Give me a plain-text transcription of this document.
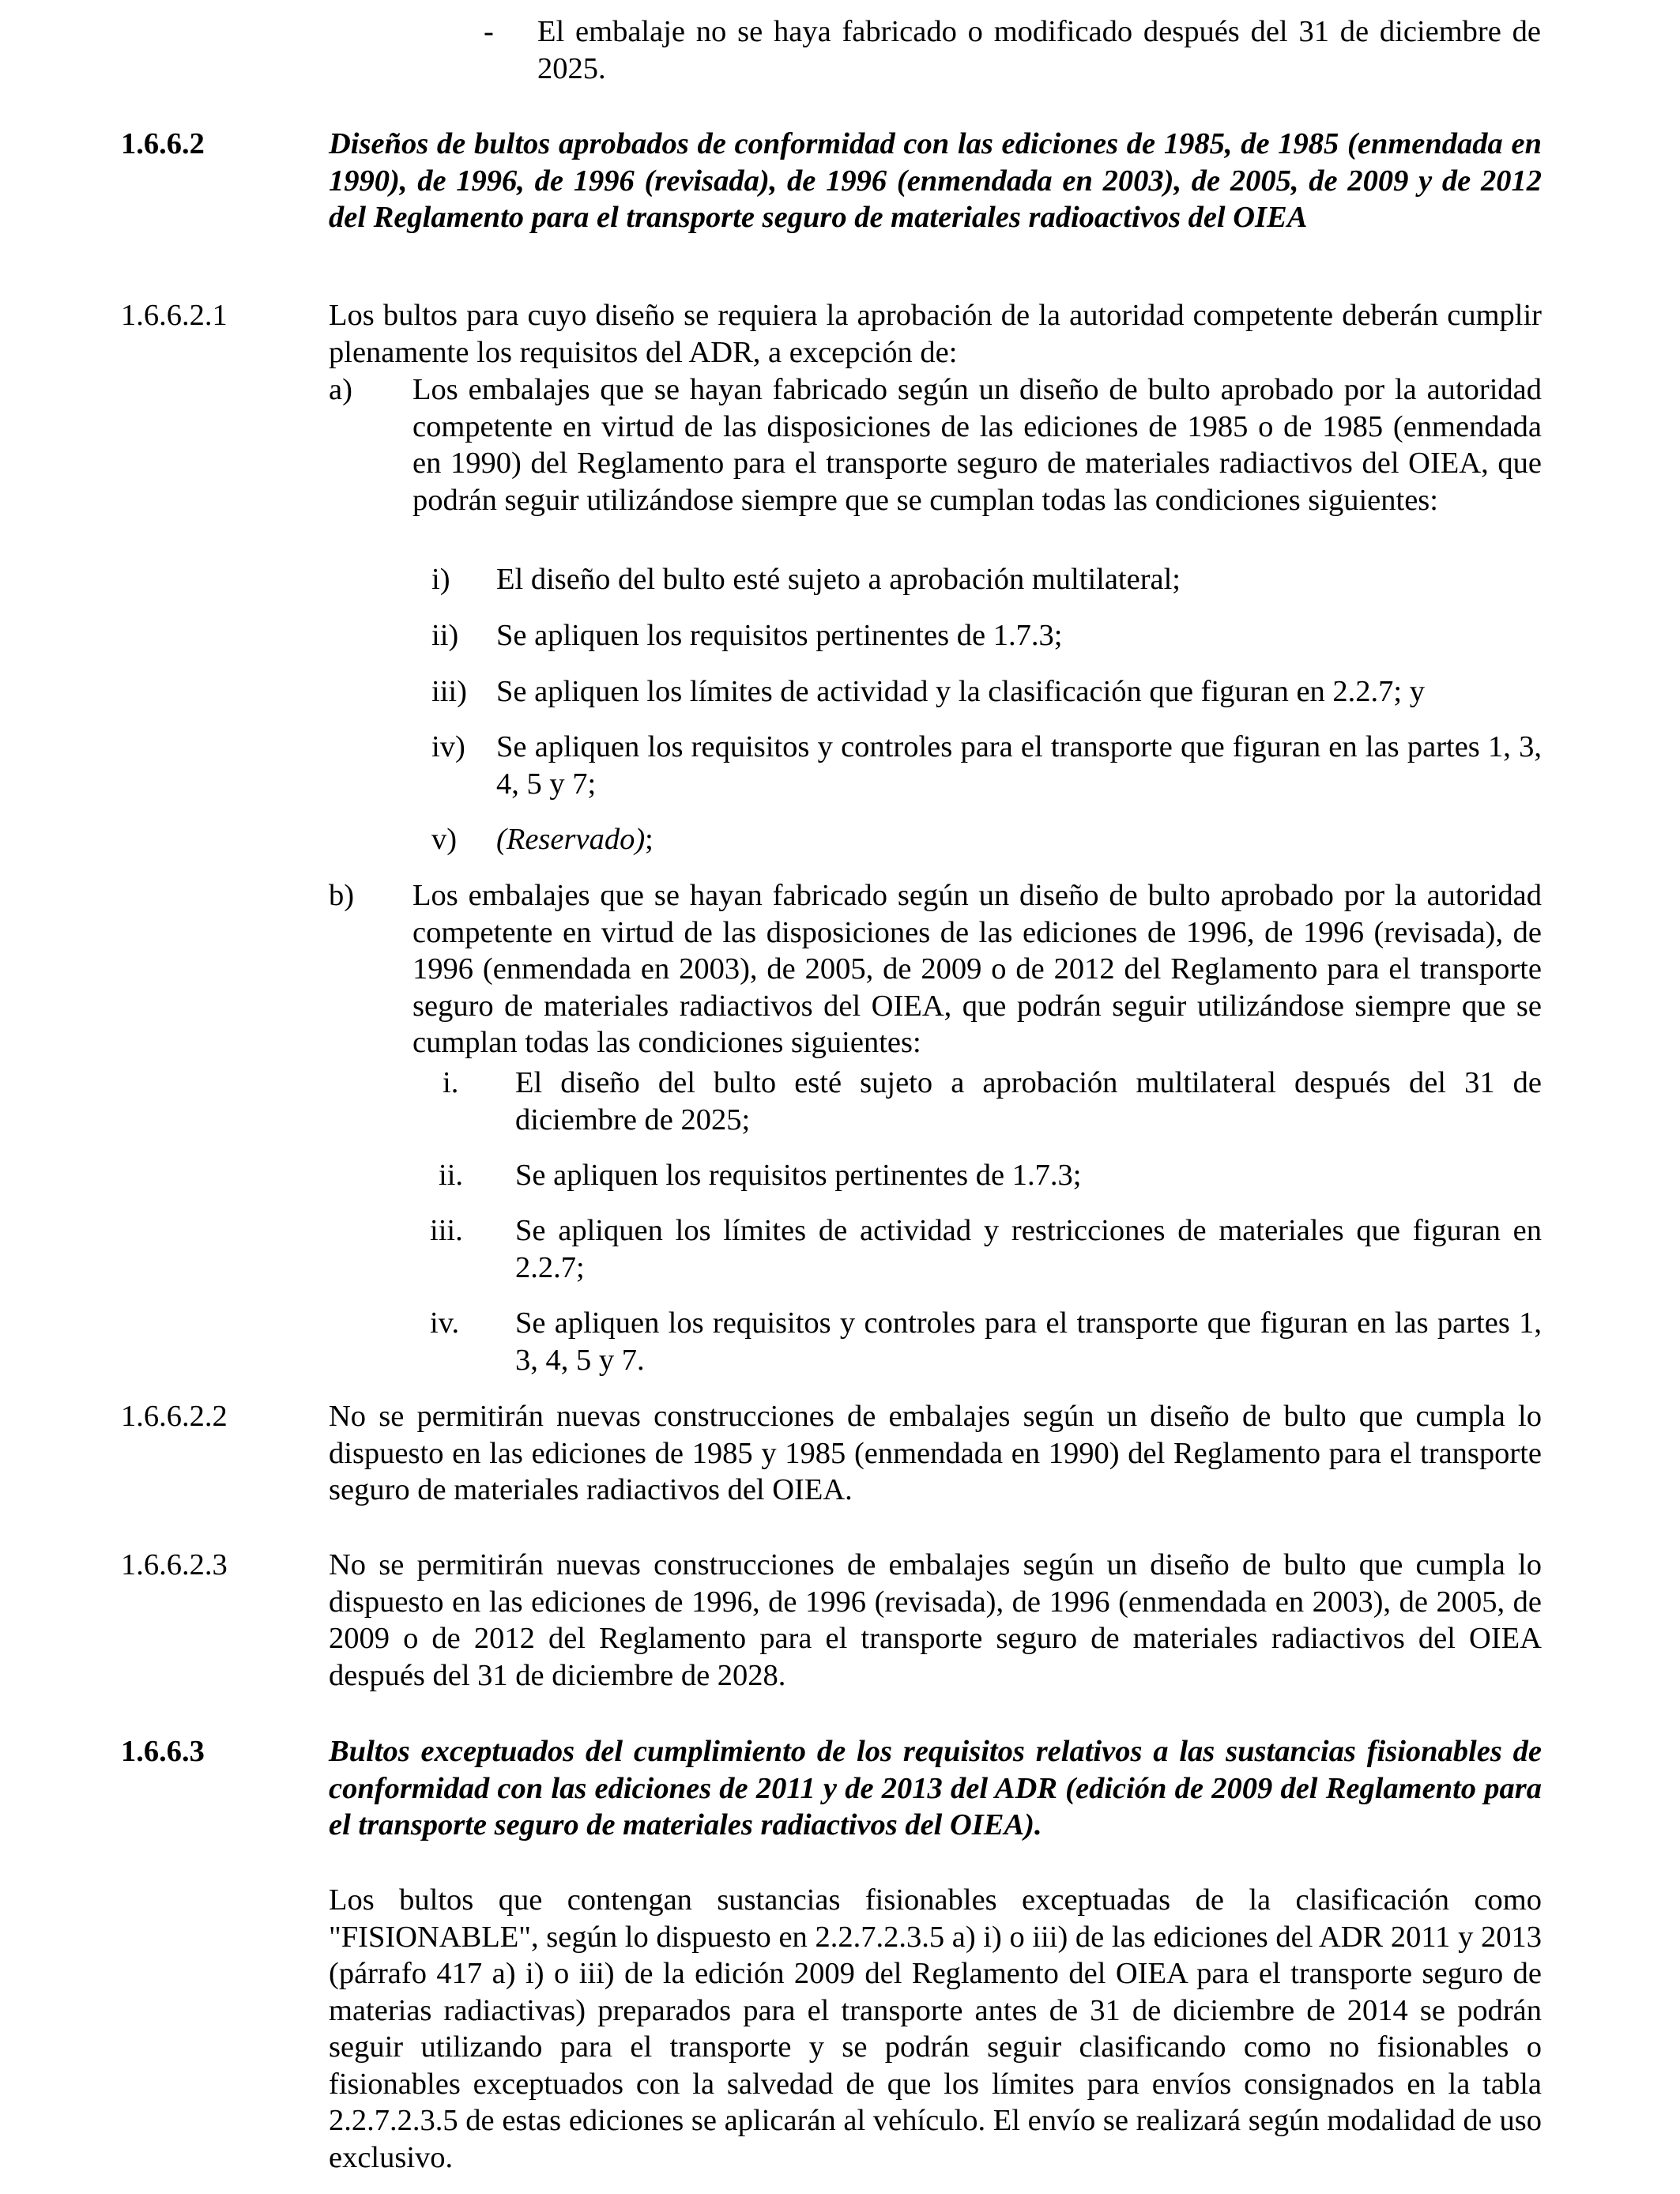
- El embalaje no se haya fabricado o modificado después del 31 de diciembre de 2025.
1.6.6.2	Diseños de bultos aprobados de conformidad con las ediciones de 1985, de 1985 (enmendada en 1990), de 1996, de 1996 (revisada), de 1996 (enmendada en 2003), de 2005, de 2009 y de 2012 del Reglamento para el transporte seguro de materiales radioactivos del OIEA
1.6.6.2.1	Los bultos para cuyo diseño se requiera la aprobación de la autoridad competente deberán cumplir plenamente los requisitos del ADR, a excepción de:
a) Los embalajes que se hayan fabricado según un diseño de bulto aprobado por la autoridad competente en virtud de las disposiciones de las ediciones de 1985 o de 1985 (enmendada en 1990) del Reglamento para el transporte seguro de materiales radiactivos del OIEA, que podrán seguir utilizándose siempre que se cumplan todas las condiciones siguientes:
i) El diseño del bulto esté sujeto a aprobación multilateral;
ii) Se apliquen los requisitos pertinentes de 1.7.3;
iii) Se apliquen los límites de actividad y la clasificación que figuran en 2.2.7; y
iv) Se apliquen los requisitos y controles para el transporte que figuran en las partes 1, 3, 4, 5 y 7;
v) (Reservado);
b) Los embalajes que se hayan fabricado según un diseño de bulto aprobado por la autoridad competente en virtud de las disposiciones de las ediciones de 1996, de 1996 (revisada), de 1996 (enmendada en 2003), de 2005, de 2009 o de 2012 del Reglamento para el transporte seguro de materiales radiactivos del OIEA, que podrán seguir utilizándose siempre que se cumplan todas las condiciones siguientes:
i. El diseño del bulto esté sujeto a aprobación multilateral después del 31 de diciembre de 2025;
ii. Se apliquen los requisitos pertinentes de 1.7.3;
iii. Se apliquen los límites de actividad y restricciones de materiales que figuran en 2.2.7;
iv. Se apliquen los requisitos y controles para el transporte que figuran en las partes 1, 3, 4, 5 y 7.
1.6.6.2.2	No se permitirán nuevas construcciones de embalajes según un diseño de bulto que cumpla lo dispuesto en las ediciones de 1985 y 1985 (enmendada en 1990) del Reglamento para el transporte seguro de materiales radiactivos del OIEA.
1.6.6.2.3	No se permitirán nuevas construcciones de embalajes según un diseño de bulto que cumpla lo dispuesto en las ediciones de 1996, de 1996 (revisada), de 1996 (enmendada en 2003), de 2005, de 2009 o de 2012 del Reglamento para el transporte seguro de materiales radiactivos del OIEA después del 31 de diciembre de 2028.
1.6.6.3	Bultos exceptuados del cumplimiento de los requisitos relativos a las sustancias fisionables de conformidad con las ediciones de 2011 y de 2013 del ADR (edición de 2009 del Reglamento para el transporte seguro de materiales radiactivos del OIEA).
Los bultos que contengan sustancias fisionables exceptuadas de la clasificación como "FISIONABLE", según lo dispuesto en 2.2.7.2.3.5 a) i) o iii) de las ediciones del ADR 2011 y 2013 (párrafo 417 a) i) o iii) de la edición 2009 del Reglamento del OIEA para el transporte seguro de materias radiactivas) preparados para el transporte antes de 31 de diciembre de 2014 se podrán seguir utilizando para el transporte y se podrán seguir clasificando como no fisionables o fisionables exceptuados con la salvedad de que los límites para envíos consignados en la tabla 2.2.7.2.3.5 de estas ediciones se aplicarán al vehículo. El envío se realizará según modalidad de uso exclusivo.
